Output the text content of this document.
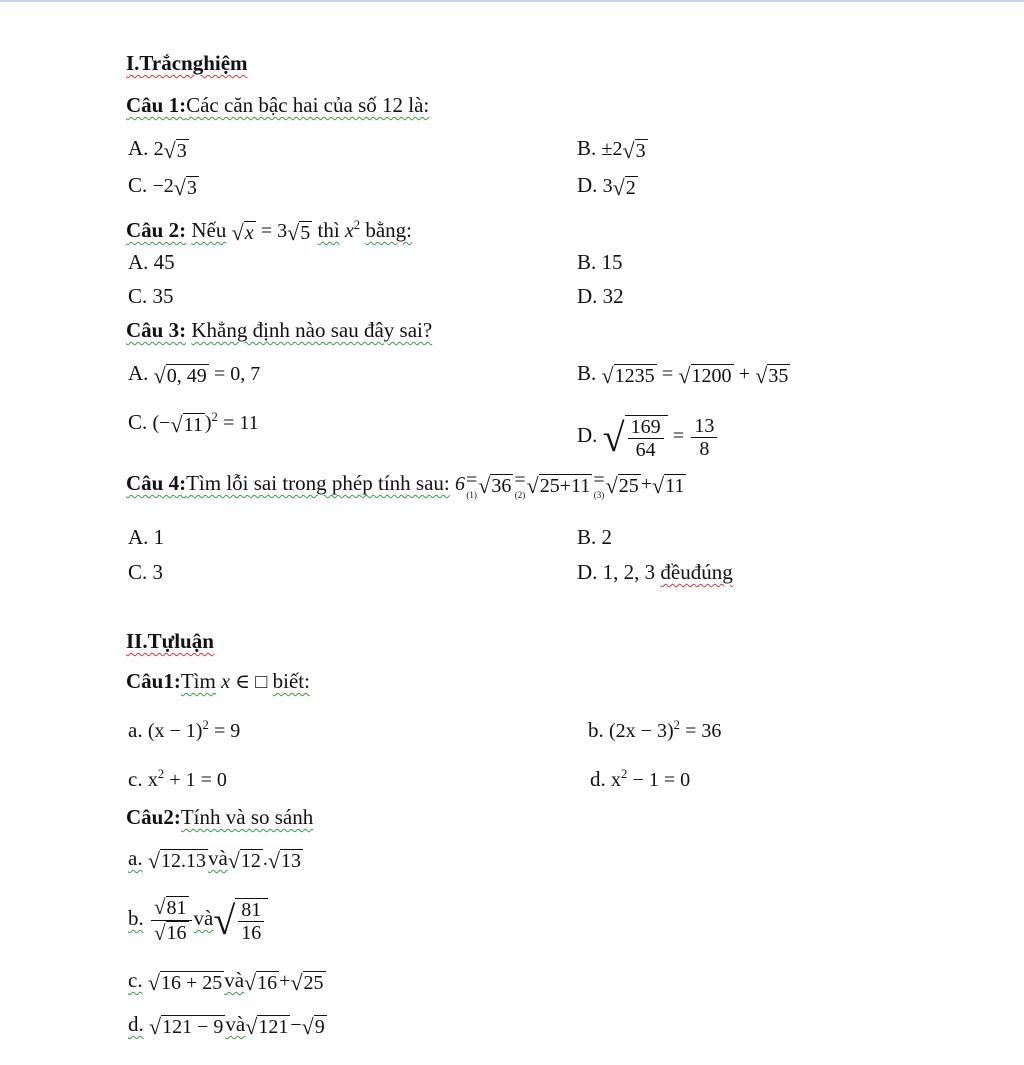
I.Trắcnghiệm
Câu 1:Các căn bậc hai của số 12 là:
A. 2√3	B. ±2√3
C. −2√3	D. 3√2
Câu 2: Nếu √x = 3√5 thì $x^2$ bằng:
A. 45	B. 15
C. 35	D. 32
Câu 3: Khẳng định nào sau đây sai?
A. √0, 49 = 0, 7	B. √1235 = √1200 + √35
C. (−√11 )$^2$ = 11	D. √ $\frac{169}{64} = \frac{13}{8}$
Câu 4:Tìm lỗi sai trong phép tính sau: 6 =
(1) √36 =
(2) √25+11 =
(3) √25 +√11
A. 1	B. 2
C. 3	D. 1, 2, 3 đềuđúng
II.Tựluận
Câu1:Tìm x ∈ □ biết:
a. $(x - 1)^2 = 9$	b. $(2x - 3)^2 = 36$
c. $x^2 + 1 = 0$	d. $x^2 - 1 = 0$
Câu2:Tính và so sánh
a. √12.13và√12 .√13
b. $\frac{√81}{√16}$ và√ $\frac{81}{16}$
c. √16 + 25và√16 +√25
d. √121 − 9và√121 −√9
